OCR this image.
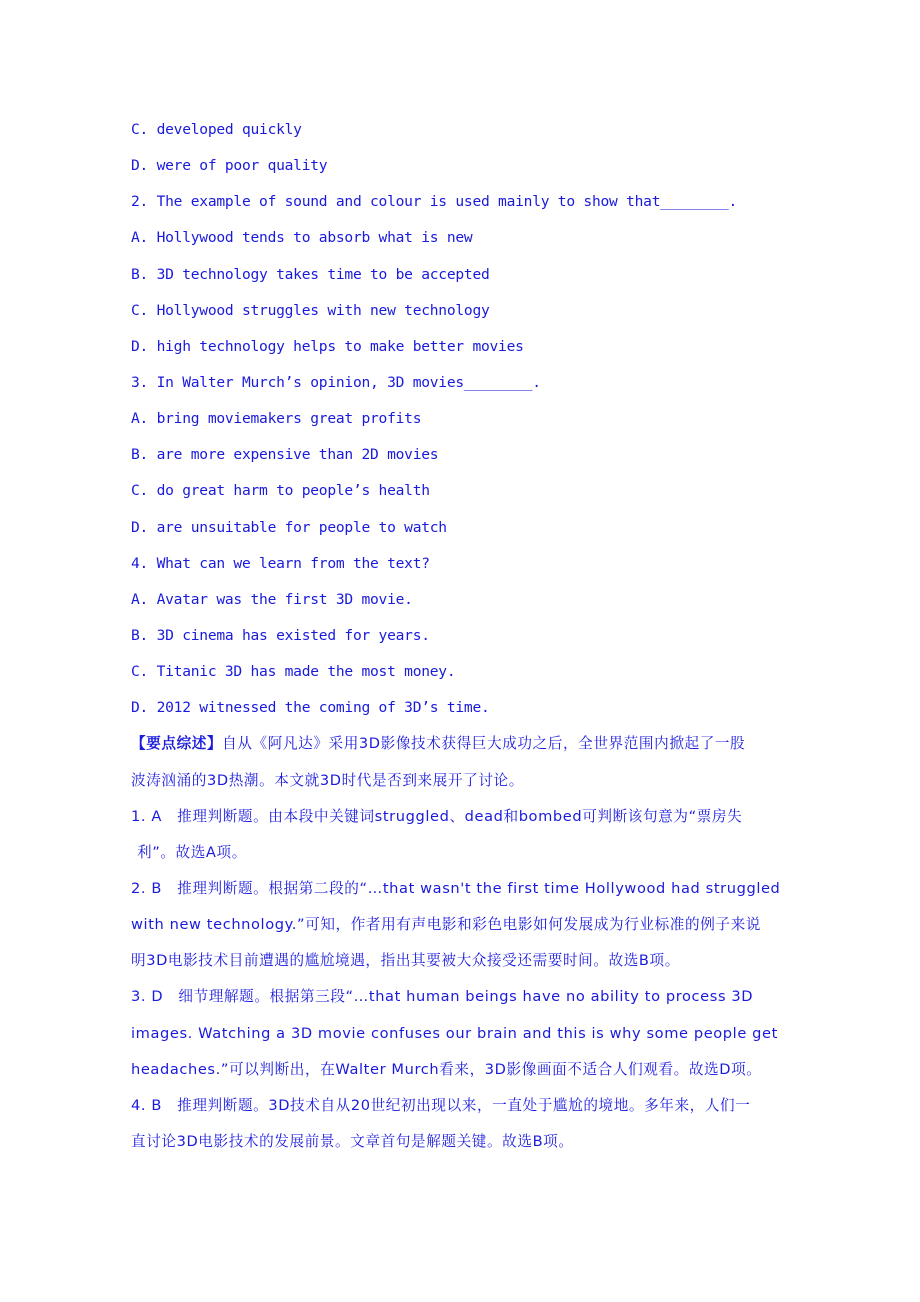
C. developed quickly
D. were of poor quality
2. The example of sound and colour is used mainly to show that________.
A. Hollywood tends to absorb what is new
B. 3D technology takes time to be accepted
C. Hollywood struggles with new technology
D. high technology helps to make better movies
3. In Walter Murch’s opinion, 3D movies________.
A. bring moviemakers great profits
B. are more expensive than 2D movies
C. do great harm to people’s health
D. are unsuitable for people to watch
4. What can we learn from the text?
A. Avatar was the first 3D movie.
B. 3D cinema has existed for years.
C. Titanic 3D has made the most money.
D. 2012 witnessed the coming of 3D’s time.
【要点综述】自从《阿凡达》采用3D影像技术获得巨大成功之后，全世界范围内掀起了一股
波涛汹涌的3D热潮。本文就3D时代是否到来展开了讨论。
1. A　推理判断题。由本段中关键词struggled、dead和bombed可判断该句意为“票房失
利”。故选A项。
2. B　推理判断题。根据第二段的“…that wasn't the first time Hollywood had struggled
with new technology.”可知，作者用有声电影和彩色电影如何发展成为行业标准的例子来说
明3D电影技术目前遭遇的尴尬境遇，指出其要被大众接受还需要时间。故选B项。
3. D　细节理解题。根据第三段“…that human beings have no ability to process 3D
images. Watching a 3D movie confuses our brain and this is why some people get
headaches.”可以判断出，在Walter Murch看来，3D影像画面不适合人们观看。故选D项。
4. B　推理判断题。3D技术自从20世纪初出现以来，一直处于尴尬的境地。多年来，人们一
直讨论3D电影技术的发展前景。文章首句是解题关键。故选B项。
